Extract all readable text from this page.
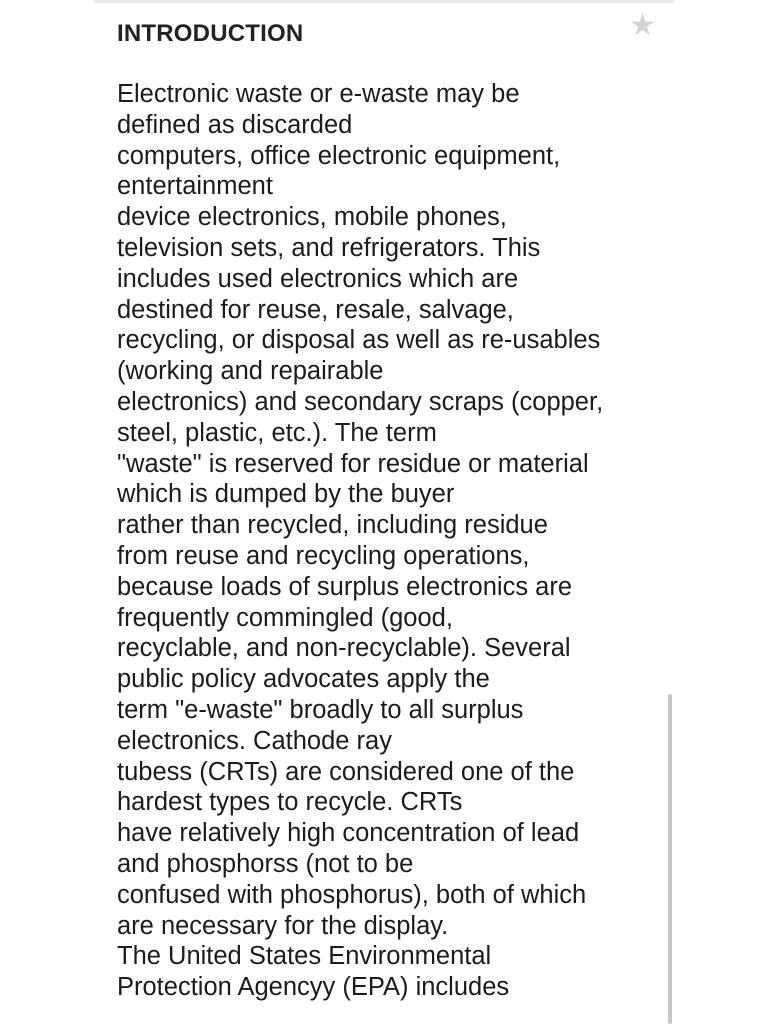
INTRODUCTION	★
Electronic waste or e-waste may be
defined as discarded
computers, office electronic equipment,
entertainment
device electronics, mobile phones,
television sets, and refrigerators. This
includes used electronics which are
destined for reuse, resale, salvage,
recycling, or disposal as well as re-usables
(working and repairable
electronics) and secondary scraps (copper,
steel, plastic, etc.). The term
"waste" is reserved for residue or material
which is dumped by the buyer
rather than recycled, including residue
from reuse and recycling operations,
because loads of surplus electronics are
frequently commingled (good,
recyclable, and non-recyclable). Several
public policy advocates apply the
term "e-waste" broadly to all surplus
electronics. Cathode ray
tubess (CRTs) are considered one of the
hardest types to recycle. CRTs
have relatively high concentration of lead
and phosphorss (not to be
confused with phosphorus), both of which
are necessary for the display.
The United States Environmental
Protection Agencyy (EPA) includes
